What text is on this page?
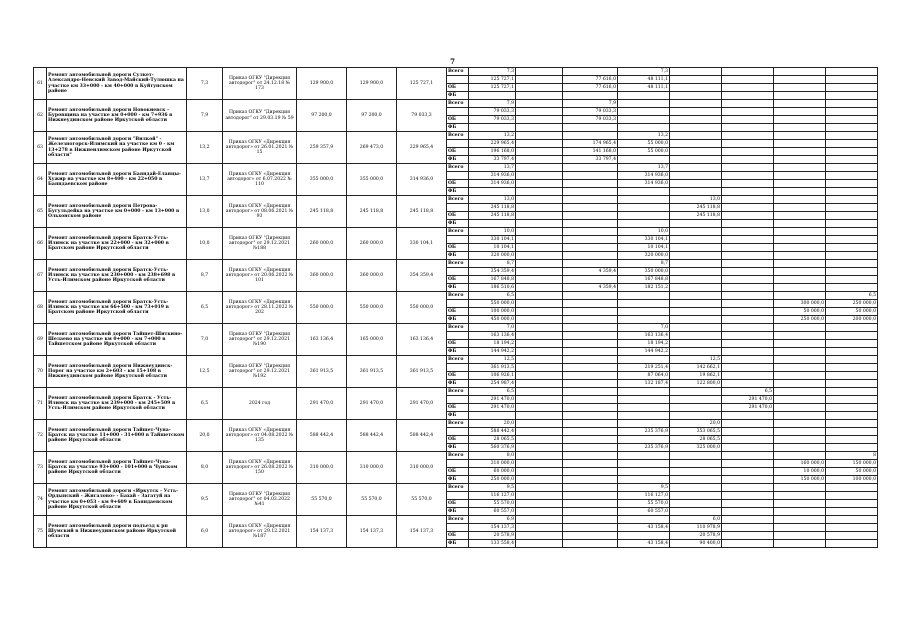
7
61	Ремонт автомобильной дороги Сулкет-Александро-Невский Завод-Майский-Тулюшка на участке км 33+000 - км 40+000 в Куйтунском районе	7,3	Приказ ОГКУ "Дирекция автодорог" от 24.12.18 № 173	129 900,0	129 900,0	125 727,1	Всего	7,3			7,3				
								125 727,1		77 616,0	48 111,1				
							ОБ	125 727,1		77 616,0	48 111,1				
							ФБ								
62	Ремонт автомобильной дороги Новокиевск - Буровщина на участке км 0+000 - км 7+936 в Нижнеудинском районе Иркутской области	7,9	Приказ ОГКУ "Дирекция автодорог" от 29.03.19 № 59	97 200,0	97 200,0	79 033,3	Всего	7,9		7,9					
								79 033,3		79 033,3					
							ОБ	79 033,3		79 033,3					
							ФБ								
63	Ремонт автомобильной дороги "Вилкой" - Железногорск-Илимский на участке км 0 - км 13+278 в Нижнеилимском районе Иркутской области"	13,2	Приказ ОГКУ «Дирекция автодорог» от 26.01.2021 № 15	259 357,9	269 473,0	229 965,4	Всего	13,2			13,2				
								229 965,4		174 965,4	55 000,0				
							ОБ	196 168,0		141 168,0	55 000,0				
							ФБ	33 797,4		33 797,4					
64	Ремонт автомобильной дороги Баяндай-Еланцы-Хужир на участке км 8+400 - км 22+050 в Баяндаевском районе	13,7	Приказ ОГКУ «Дирекция автодорог» от 6.07.2022 № 110	355 000,0	355 000,0	314 936,0	Всего	13,7			13,7				
								314 936,0			314 936,0				
							ОБ	314 936,0			314 936,0				
							ФБ								
65	Ремонт автомобильной дороги Петрова-Бугульдейка на участке км 0+000 - км 13+000 в Ольхонском районе	13,0	Приказ ОГКУ «Дирекция автодорог» от 08.06.2021 № 93	245 118,8	245 118,8	245 118,8	Всего	13,0				13,0			
								245 118,8				245 118,8			
							ОБ	245 118,8				245 118,8			
							ФБ								
66	Ремонт автомобильной дороги Братск-Усть-Илимск на участке км 22+000 - км 32+000 в Братском районе Иркутской области	10,0	Приказ ОГКУ "Дирекция автодорог" от 29.12.2021 №188	260 000,0	260 000,0	330 104,1	Всего	10,0			10,0				
								330 104,1			330 104,1				
							ОБ	10 104,1			10 104,1				
							ФБ	320 000,0			320 000,0				
67	Ремонт автомобильной дороги Братск-Усть-Илимск на участке км 230+000 - км 238+698 в Усть-Илимском районе Иркутской области	8,7	Приказ ОГКУ «Дирекция автодорог» от 20.06.2022 № 101	360 000,0	360 000,0	354 359,4	Всего	8,7			8,7				
								354 359,4		4 359,4	350 000,0				
							ОБ	167 848,8			167 848,8				
							ФБ	186 510,6		4 359,4	182 151,2				
68	Ремонт автомобильной дороги Братск-Усть-Илимск на участке км 66+500 - км 73+019 в Братском районе Иркутской области	6,5	Приказ ОГКУ «Дирекция автодорог» от 28.11.2022 № 202	550 000,0	550 000,0	550 000,0	Всего	6,5							6,5
								550 000,0						300 000,0	250 000,0
							ОБ	100 000,0						50 000,0	50 000,0
							ФБ	450 000,0						250 000,0	200 000,0
69	Ремонт автомобильной дороги Тайшет-Шиткино-Шелаево на участке км 0+000 - км 7+000 в Тайшетском районе Иркутской области	7,0	Приказ ОГКУ "Дирекция автодорог" от 29.12.2021 №190	163 136,4	165 000,0	163 136,4	Всего	7,0			7,0				
								163 136,4			163 136,4				
							ОБ	18 194,2			18 194,2				
							ФБ	144 942,2			144 942,2				
70	Ремонт автомобильной дороги Нижнеудинск-Порог на участке км 2+603 - км 15+108 в Нижнеудинском районе Иркутской области	12,5	Приказ ОГКУ "Дирекция автодорог" от 29.12.2021 №192	361 913,5	361 913,5	361 913,5	Всего	12,5				12,5			
								361 913,5			219 251,4	142 662,1			
							ОБ	106 926,1			87 064,0	19 862,1			
							ФБ	254 987,4			132 187,4	122 800,0			
71	Ремонт автомобильной дороги Братск - Усть-Илимск на участке км 239+000 - км 245+509 в Усть-Илимском районе Иркутской области	6,5	2024 год	291 470,0	291 470,0	291 470,0	Всего	6,5					6,5		
								291 470,0					291 470,0		
							ОБ	291 470,0					291 470,0		
							ФБ								
72	Ремонт автомобильной дороги Тайшет-Чуна-Братск на участке 11+000 - 31+000 в Тайшетском районе Иркутской области	20,0	Приказ ОГКУ «Дирекция автодорог» от 04.08.2022 № 135	588 442,4	588 442,4	588 442,4	Всего	20,0				20,0			
								588 442,4			235 376,9	353 065,5			
							ОБ	28 065,5				28 065,5			
							ФБ	560 376,9			235 376,9	325 000,0			
73	Ремонт автомобильной дороги Тайшет-Чуна-Братск на участке 93+000 - 101+000 в Чунском районе Иркутской области	8,0	Приказ ОГКУ «Дирекция автодорог» от 26.08.2022 № 150	310 000,0	310 000,0	310 000,0	Всего	8,0							8
								310 000,0						160 000,0	150 000,0
							ОБ	60 000,0						10 000,0	50 000,0
							ФБ	250 000,0						150 000,0	100 000,0
74	Ремонт автомобильной дороги «Иркутск - Усть-Ордынский - Жигалово» - Бахай - Загатуй на участке км 0+053 - км 9+609 в Баяндаевском районе Иркутской области	9,5	Приказ ОГКУ "Дирекция автодорог" от 04.03.2022 №41	55 570,0	55 570,0	55 570,0	Всего	9,5			9,5				
								116 127,0			116 127,0				
							ОБ	55 570,0			55 570,0				
							ФБ	60 557,0			60 557,0				
75	Ремонт автомобильной дороги подъезд к рп Шумский в Нижнеудинском районе Иркутской области	6,0	Приказ ОГКУ «Дирекция автодорог» от 29.12.2021 №187	154 137,3	154 137,3	154 137,3	Всего	6,9				6,0			
								154 137,3			43 158,4	110 978,9			
							ОБ	20 578,9				20 578,9			
							ФБ	133 558,4			43 158,4	90 400,0			
